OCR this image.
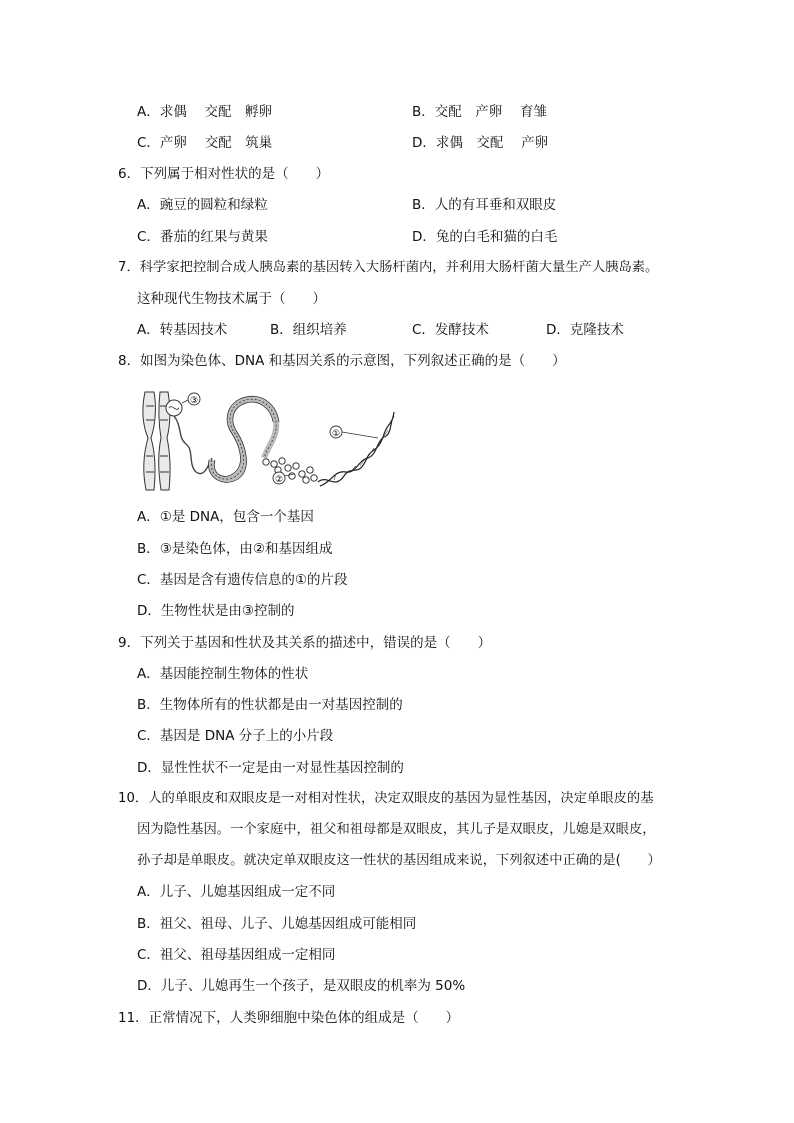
A．求偶　 交配　孵卵	B．交配　产卵　 育雏
C．产卵　 交配　筑巢	D．求偶　交配　 产卵
6．下列属于相对性状的是（　　）
A．豌豆的圆粒和绿粒	B．人的有耳垂和双眼皮
C．番茄的红果与黄果	D．兔的白毛和猫的白毛
7．科学家把控制合成人胰岛素的基因转入大肠杆菌内，并利用大肠杆菌大量生产人胰岛素。
这种现代生物技术属于（　　）
A．转基因技术	B．组织培养	C．发酵技术	D．克隆技术
8．如图为染色体、DNA 和基因关系的示意图，下列叙述正确的是（　　）
③
①
②
A．①是 DNA，包含一个基因
B．③是染色体，由②和基因组成
C．基因是含有遗传信息的①的片段
D．生物性状是由③控制的
9．下列关于基因和性状及其关系的描述中，错误的是（　　）
A．基因能控制生物体的性状
B．生物体所有的性状都是由一对基因控制的
C．基因是 DNA 分子上的小片段
D．显性性状不一定是由一对显性基因控制的
10．人的单眼皮和双眼皮是一对相对性状，决定双眼皮的基因为显性基因，决定单眼皮的基
因为隐性基因。一个家庭中，祖父和祖母都是双眼皮，其儿子是双眼皮，儿媳是双眼皮，
孙子却是单眼皮。就决定单双眼皮这一性状的基因组成来说，下列叙述中正确的是(　　）
A．儿子、儿媳基因组成一定不同
B．祖父、祖母、儿子、儿媳基因组成可能相同
C．祖父、祖母基因组成一定相同
D．儿子、儿媳再生一个孩子，是双眼皮的机率为 50%
11．正常情况下，人类卵细胞中染色体的组成是（　　）
